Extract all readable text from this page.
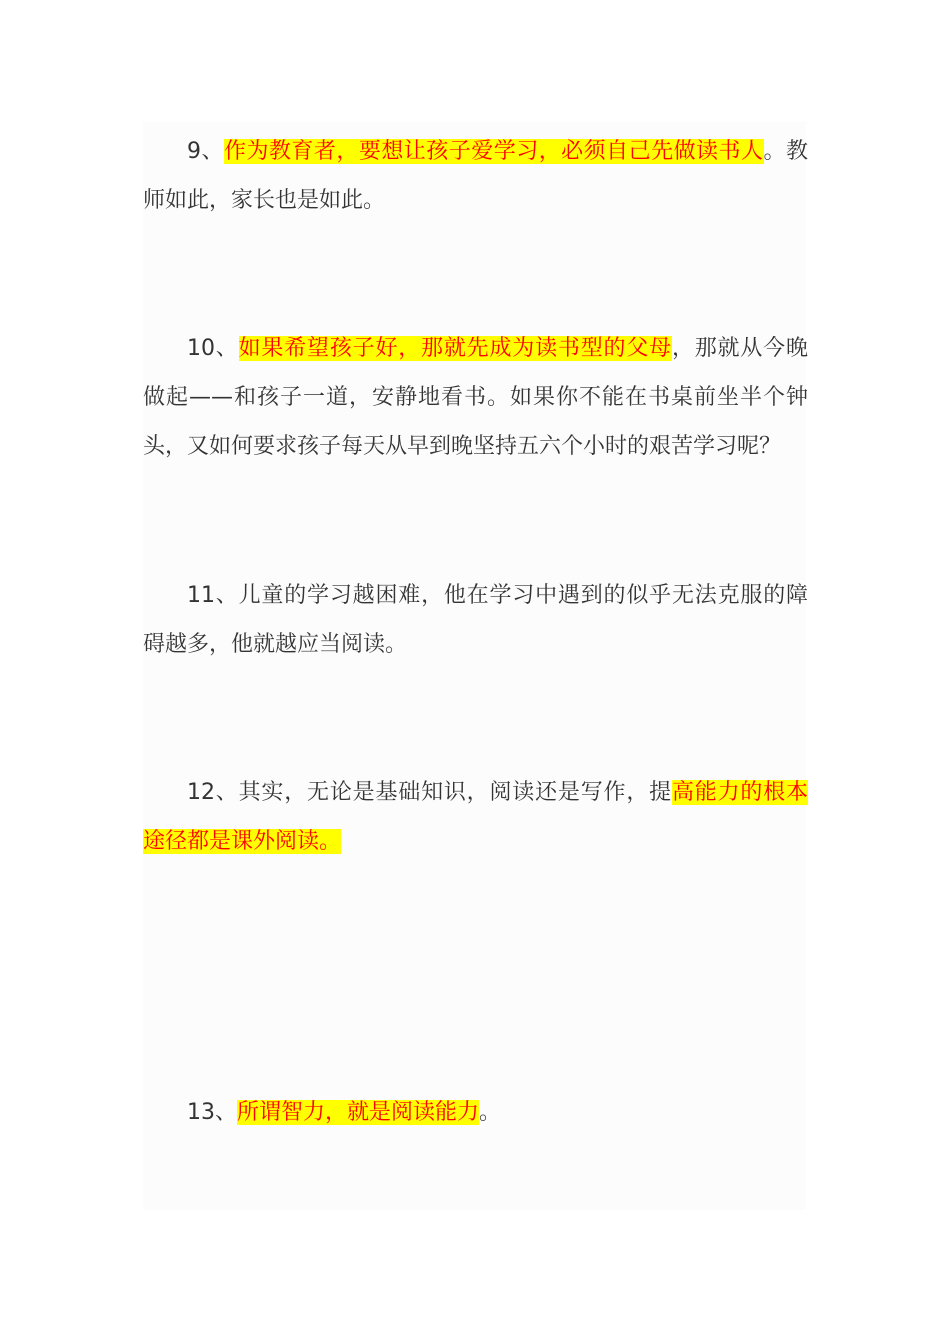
9、作为教育者，要想让孩子爱学习，必须自己先做读书人。教师如此，家长也是如此。

10、如果希望孩子好，那就先成为读书型的父母，那就从今晚做起——和孩子一道，安静地看书。如果你不能在书桌前坐半个钟头，又如何要求孩子每天从早到晚坚持五六个小时的艰苦学习呢？

11、儿童的学习越困难，他在学习中遇到的似乎无法克服的障碍越多，他就越应当阅读。

12、其实，无论是基础知识，阅读还是写作，提高能力的根本途径都是课外阅读。

13、所谓智力，就是阅读能力。
